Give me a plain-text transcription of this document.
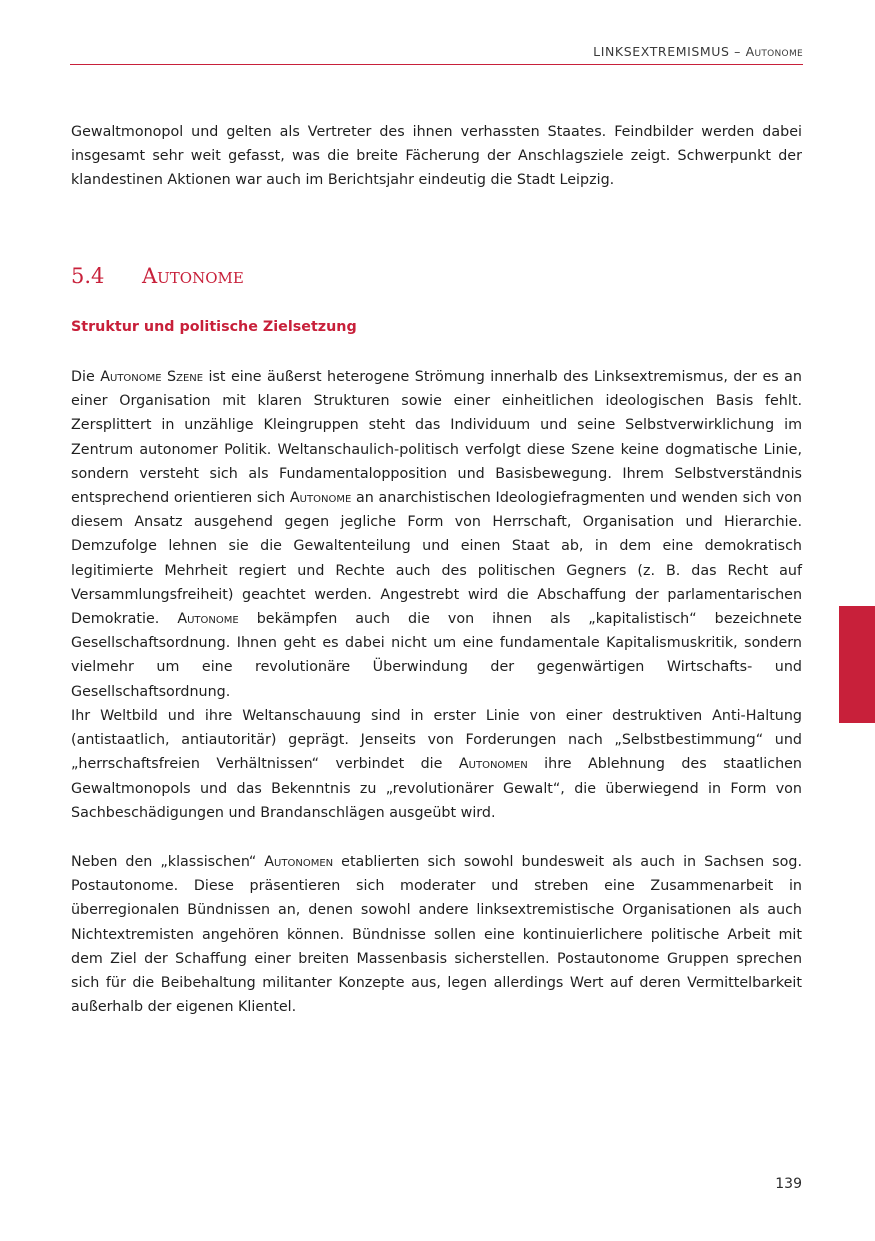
LINKSEXTREMISMUS – Autonome

Gewaltmonopol und gelten als Vertreter des ihnen verhassten Staates. Feindbilder werden dabei insgesamt sehr weit gefasst, was die breite Fächerung der Anschlagsziele zeigt. Schwerpunkt der klandestinen Aktionen war auch im Berichtsjahr eindeutig die Stadt Leipzig.

5.4 Autonome
Struktur und politische Zielsetzung

Die Autonome Szene ist eine äußerst heterogene Strömung innerhalb des Linksextremismus, der es an einer Organisation mit klaren Strukturen sowie einer einheitlichen ideologischen Basis fehlt. Zersplittert in unzählige Kleingruppen steht das Individuum und seine Selbstverwirklichung im Zentrum autonomer Politik. Weltanschaulich-politisch verfolgt diese Szene keine dogmatische Linie, sondern versteht sich als Fundamentalopposition und Basisbewegung. Ihrem Selbstverständnis entsprechend orientieren sich Autonome an anarchistischen Ideologiefragmenten und wenden sich von diesem Ansatz ausgehend gegen jegliche Form von Herrschaft, Organisation und Hierarchie. Demzufolge lehnen sie die Gewaltenteilung und einen Staat ab, in dem eine demokratisch legitimierte Mehrheit regiert und Rechte auch des politischen Gegners (z. B. das Recht auf Versammlungsfreiheit) geachtet werden. Angestrebt wird die Abschaffung der parlamentarischen Demokratie. Autonome bekämpfen auch die von ihnen als „kapitalistisch“ bezeichnete Gesellschaftsordnung. Ihnen geht es dabei nicht um eine fundamentale Kapitalismuskritik, sondern vielmehr um eine revolutionäre Überwindung der gegenwärtigen Wirtschafts- und Gesellschaftsordnung.

Ihr Weltbild und ihre Weltanschauung sind in erster Linie von einer destruktiven Anti-Haltung (antistaatlich, antiautoritär) geprägt. Jenseits von Forderungen nach „Selbstbestimmung“ und „herrschaftsfreien Verhältnissen“ verbindet die Autonomen ihre Ablehnung des staatlichen Gewaltmonopols und das Bekenntnis zu „revolutionärer Gewalt“, die überwiegend in Form von Sachbeschädigungen und Brandanschlägen ausgeübt wird.

Neben den „klassischen“ Autonomen etablierten sich sowohl bundesweit als auch in Sachsen sog. Postautonome. Diese präsentieren sich moderater und streben eine Zusammenarbeit in überregionalen Bündnissen an, denen sowohl andere linksextremistische Organisationen als auch Nichtextremisten angehören können. Bündnisse sollen eine kontinuierlichere politische Arbeit mit dem Ziel der Schaffung einer breiten Massenbasis sicherstellen. Postautonome Gruppen sprechen sich für die Beibehaltung militanter Konzepte aus, legen allerdings Wert auf deren Vermittelbarkeit außerhalb der eigenen Klientel.

139
